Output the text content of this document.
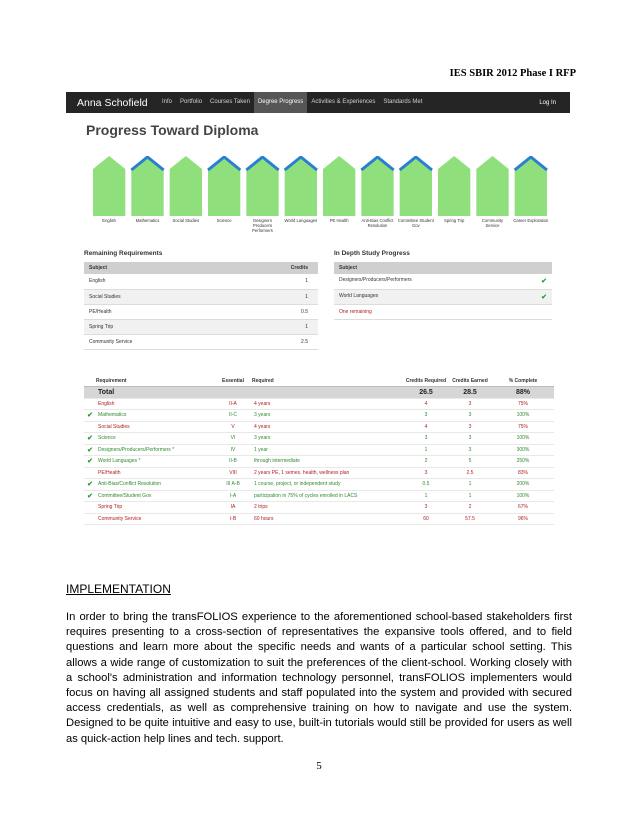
IES SBIR 2012 Phase I RFP
Anna Schofield	Info	Portfolio	Courses Taken	Degree Progress	Activities & Experiences	Standards Met	Log In
Progress Toward Diploma
English	Mathematics	Social Studies	Science	Designers Producers Performers
World Languages	PE Health	Anti-Bias Conflict Resolution
Committee Student Gov
Spring Trip	Community Service
Career Exploration
Remaining Requirements
Subject	Credits
English	1
Social Studies	1
PE/Health	0.5
Spring Trip	1
Community Service	2.5
In Depth Study Progress
Subject
Designers/Producers/Performers	✔

World Languages	✔

One remaining
	Requirement	Essential	Required	Credits Required	Credits Earned	% Complete
	Total			26.5	28.5	88%
	English	II-A	4 years	4	3	75%
✔	Mathematics	II-C	3 years	3	3	100%
	Social Studies	V	4 years	4	3	75%
✔	Science	VI	3 years	3	3	100%
✔	Designers/Producers/Performers *	IV	1 year	1	3	300%
✔	World Languages *	II-B	through intermediate	2	5	250%
	PE/Health	VIII	2 years PE, 1 semes. health, wellness plan	3	2.5	83%
✔	Anti-Bias/Conflict Resolution	III A-B	1 course, project, or independent study	0.5	1	200%
✔	Committee/Student Gov	I-A	participation in 75% of cycles enrolled in LACS	1	1	100%
	Spring Trip	IA	2 trips	3	2	67%
	Community Service	I-B	60 hours	60	57.5	96%
IMPLEMENTATION

In order to bring the transFOLIOS experience to the aforementioned school-based stakeholders first requires presenting to a cross-section of representatives the expansive tools offered, and to field questions and learn more about the specific needs and wants of a particular school setting. This allows a wide range of customization to suit the preferences of the client-school. Working closely with a school's administration and information technology personnel, transFOLIOS implementers would focus on having all assigned students and staff populated into the system and provided with secured access credentials, as well as comprehensive training on how to navigate and use the system. Designed to be quite intuitive and easy to use, built-in tutorials would still be provided for users as well as quick-action help lines and tech. support.

5
